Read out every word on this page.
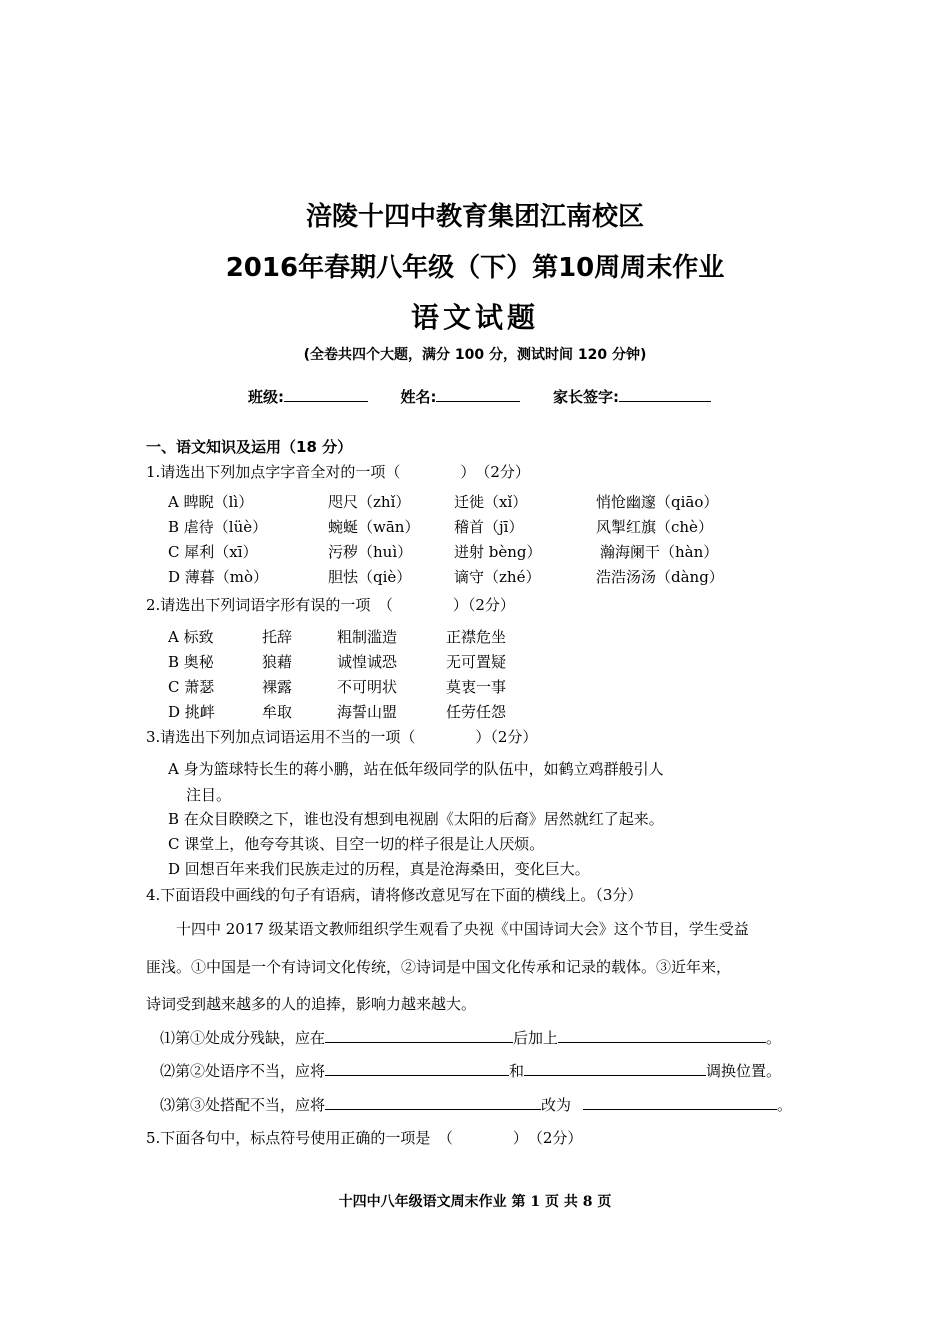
涪陵十四中教育集团江南校区
2016年春期八年级（下）第10周周末作业
语文试题
(全卷共四个大题，满分 100 分，测试时间 120 分钟)
班级:	姓名:	家长签字:
一、语文知识及运用（18 分）
1.请选出下列加点字字音全对的一项（　　　　）　（2分）
A 睥睨（lì）	咫尺（zhǐ）	迁徙（xǐ）	悄怆幽邃（qiāo）
B 虐待（lüè）	蜿蜒（wān） 稽首（jī）	风掣红旗（chè）
C 犀利（xī）	污秽（huì）	迸射 bèng）	瀚海阑干（hàn）
D 薄暮（mò）	胆怯（qiè）	谪守（zhé）	浩浩汤汤（dàng）
2.请选出下列词语字形有误的一项　（　　　　）（2分）
A 标致	托辞	粗制滥造	正襟危坐
B 奥秘	狼藉	诚惶诚恐	无可置疑
C 萧瑟	裸露	不可明状	莫衷一事
D 挑衅	牟取	海誓山盟	任劳任怨
3.请选出下列加点词语运用不当的一项（　　　　）（2分）
A 身为篮球特长生的蒋小鹏，站在低年级同学的队伍中，如鹤立鸡群般引人
注目。
B 在众目睽睽之下，谁也没有想到电视剧《太阳的后裔》居然就红了起来。
C 课堂上，他夸夸其谈、目空一切的样子很是让人厌烦。
D 回想百年来我们民族走过的历程，真是沧海桑田，变化巨大。
4.下面语段中画线的句子有语病，请将修改意见写在下面的横线上。（3分）
十四中 2017 级某语文教师组织学生观看了央视《中国诗词大会》这个节目，学生受益
匪浅。①中国是一个有诗词文化传统，②诗词是中国文化传承和记录的载体。③近年来，
诗词受到越来越多的人的追捧，影响力越来越大。
⑴第①处成分残缺，应在	后加上	。
⑵第②处语序不当，应将	和	调换位置。
⑶第③处搭配不当，应将	改为	。
5.下面各句中，标点符号使用正确的一项是　（　　　　）　（2分）
十四中八年级语文周末作业 第 1 页 共 8 页
